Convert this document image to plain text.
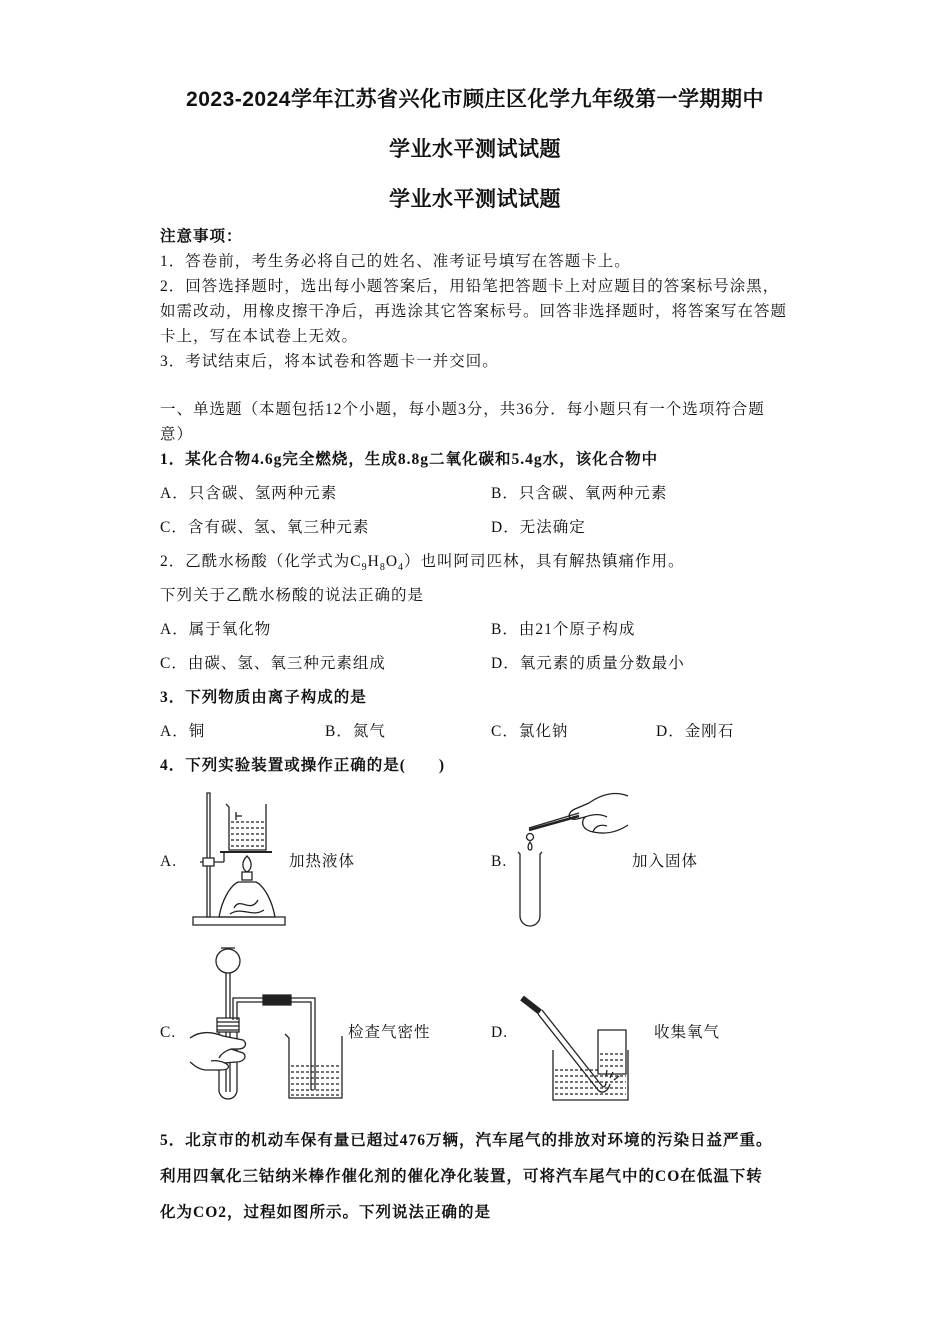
2023-2024学年江苏省兴化市顾庄区化学九年级第一学期期中
学业水平测试试题
学业水平测试试题
注意事项：
1．答卷前，考生务必将自己的姓名、准考证号填写在答题卡上。
2．回答选择题时，选出每小题答案后，用铅笔把答题卡上对应题目的答案标号涂黑，
如需改动，用橡皮擦干净后，再选涂其它答案标号。回答非选择题时，将答案写在答题
卡上，写在本试卷上无效。
3．考试结束后，将本试卷和答题卡一并交回。
一、单选题（本题包括12个小题，每小题3分，共36分．每小题只有一个选项符合题
意）
1．某化合物4.6g完全燃烧，生成8.8g二氧化碳和5.4g水，该化合物中
A．只含碳、氢两种元素	B．只含碳、氧两种元素
C．含有碳、氢、氧三种元素	D．无法确定
2．乙酰水杨酸（化学式为$C_9H_8O_4$）也叫阿司匹林，具有解热镇痛作用。
下列关于乙酰水杨酸的说法正确的是
A．属于氧化物	B．由21个原子构成
C．由碳、氢、氧三种元素组成	D．氧元素的质量分数最小
3．下列物质由离子构成的是
A．铜	B．氮气	C．氯化钠	D．金刚石
4．下列实验装置或操作正确的是(　　)
A.	加热液体	B.	加入固体
C.	检查气密性	D.	收集氧气
5．北京市的机动车保有量已超过476万辆，汽车尾气的排放对环境的污染日益严重。
利用四氧化三钴纳米棒作催化剂的催化净化装置，可将汽车尾气中的CO在低温下转
化为CO2，过程如图所示。下列说法正确的是
